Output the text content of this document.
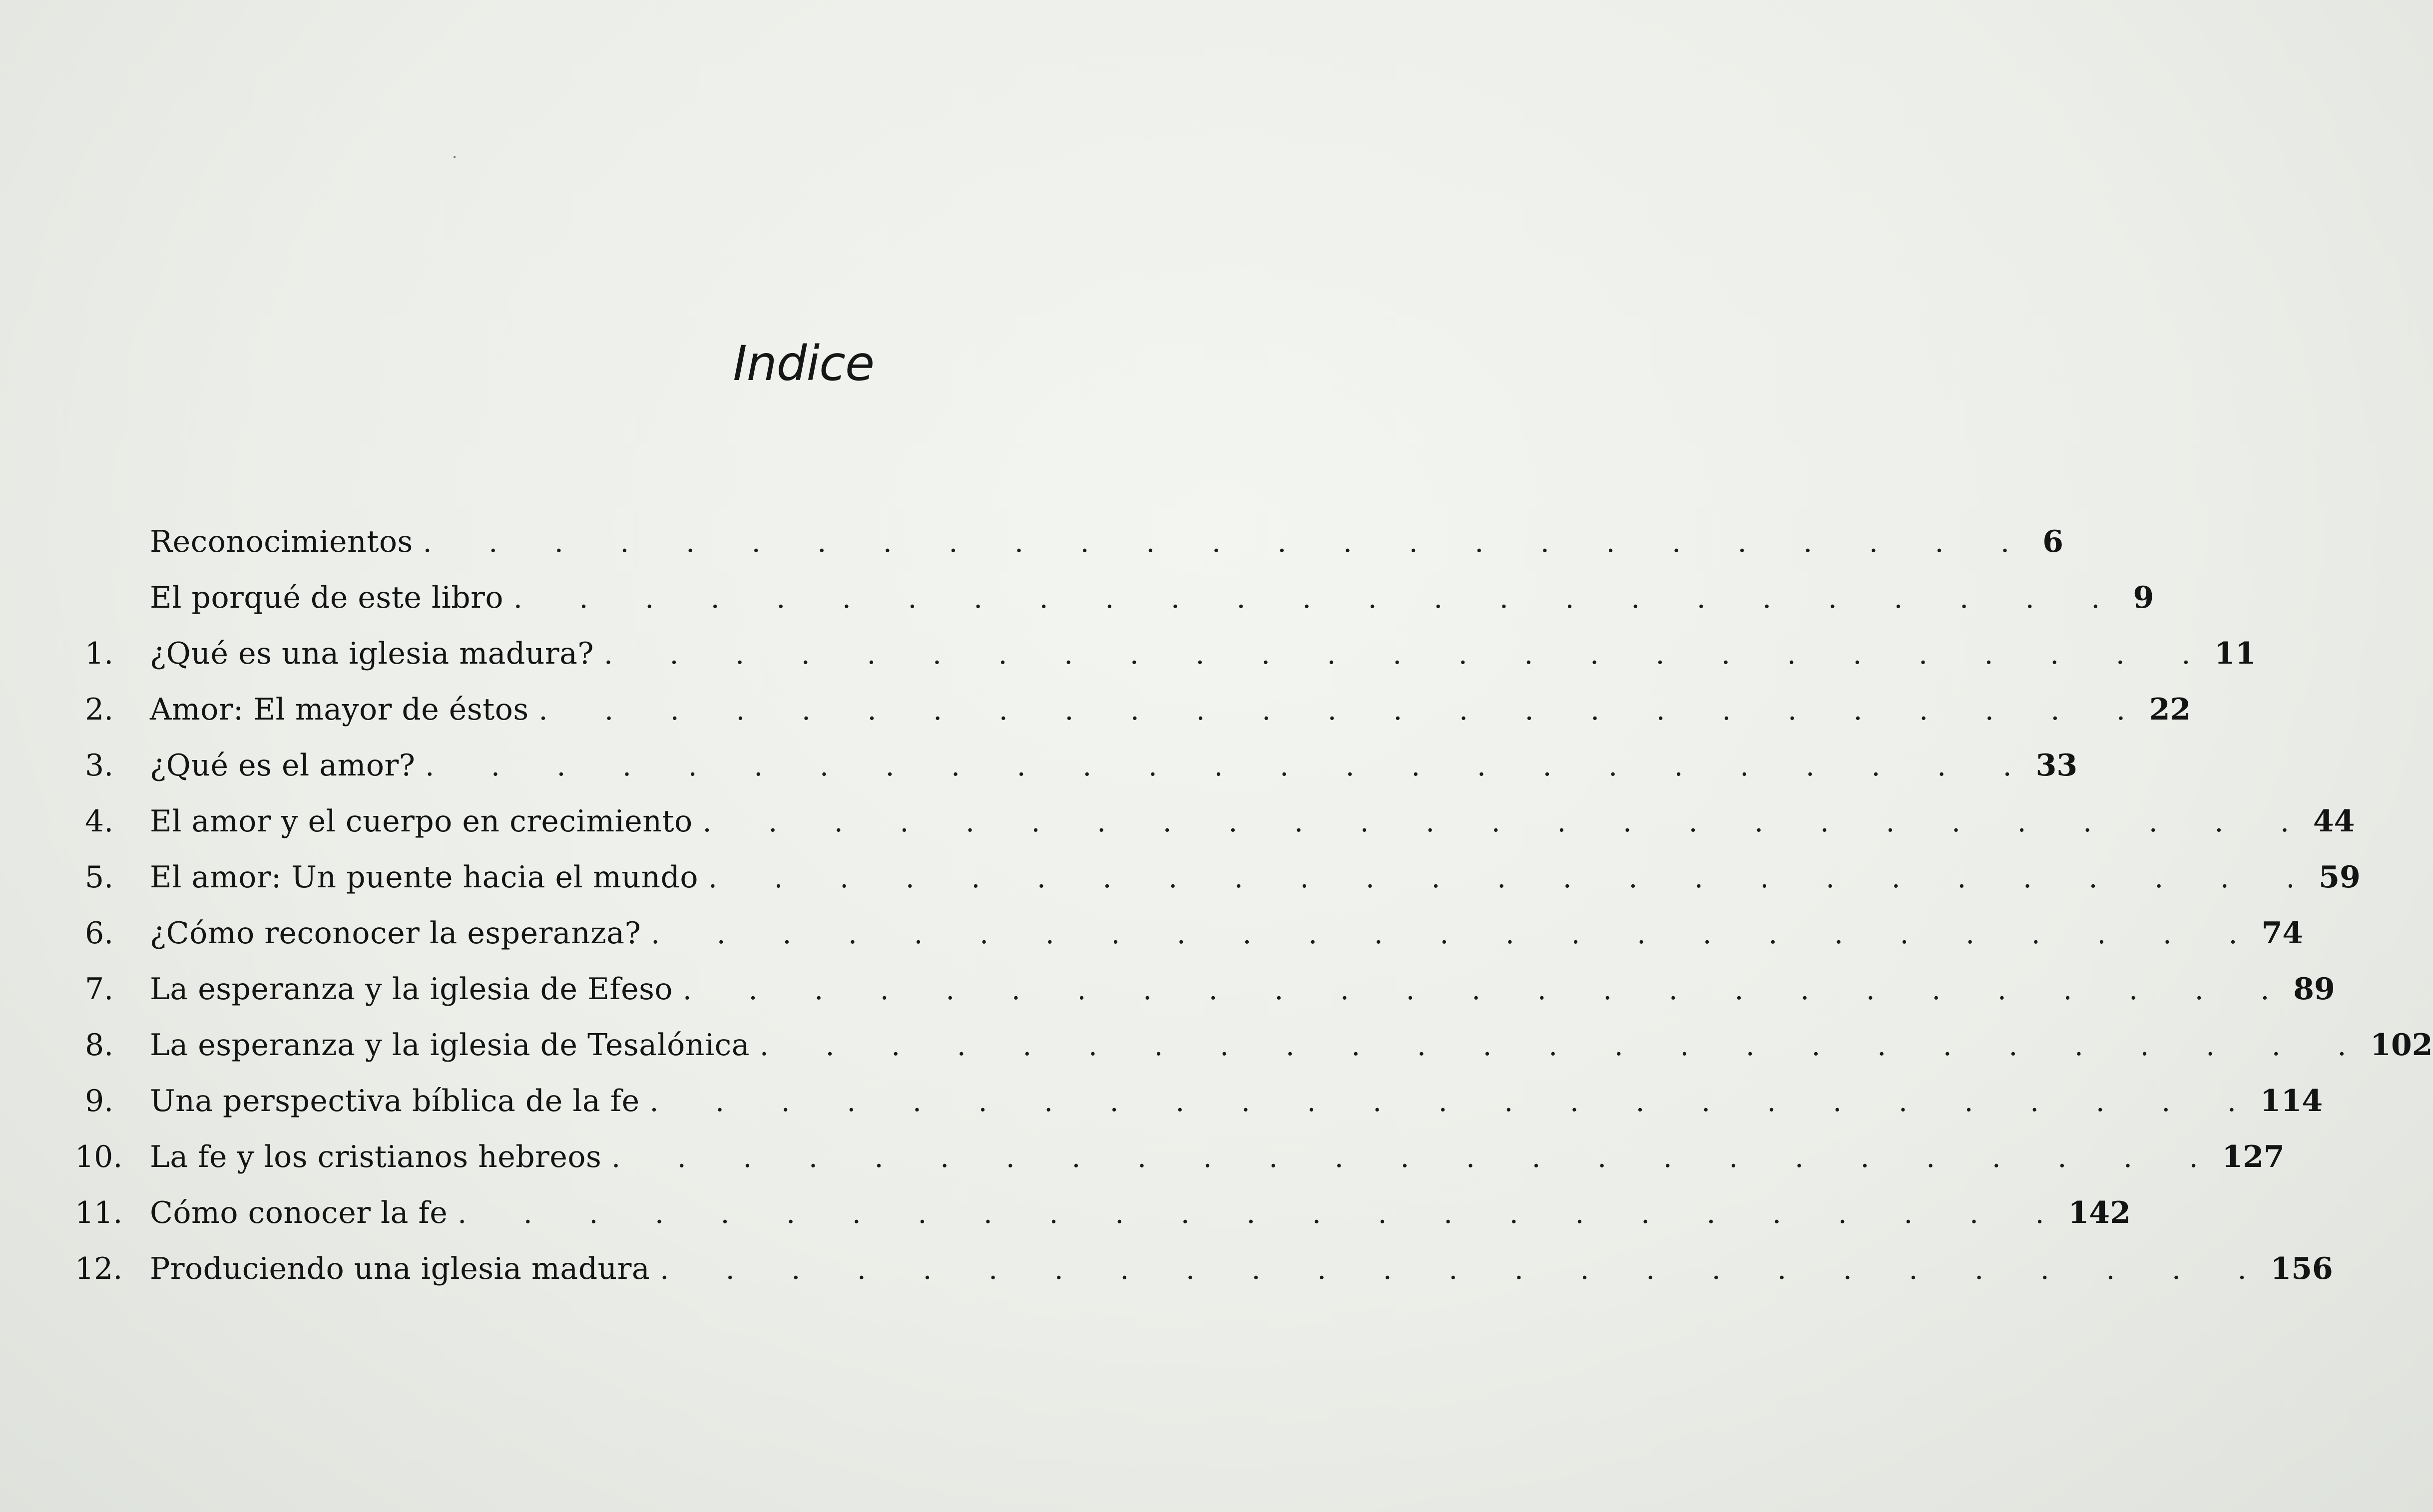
Indice
Reconocimientos . . . . . . . . . . . . . . . . . . . . . . . . . 6
El porqué de este libro . . . . . . . . . . . . . . . . . . . . . . . . . 9
1.	¿Qué es una iglesia madura? . . . . . . . . . . . . . . . . . . . . . . . . . 11
2.	Amor: El mayor de éstos . . . . . . . . . . . . . . . . . . . . . . . . . 22
3.	¿Qué es el amor? . . . . . . . . . . . . . . . . . . . . . . . . . 33
4.	El amor y el cuerpo en crecimiento . . . . . . . . . . . . . . . . . . . . . . . . . 44
5.	El amor: Un puente hacia el mundo . . . . . . . . . . . . . . . . . . . . . . . . . 59
6.	¿Cómo reconocer la esperanza? . . . . . . . . . . . . . . . . . . . . . . . . . 74
7.	La esperanza y la iglesia de Efeso . . . . . . . . . . . . . . . . . . . . . . . . . 89
8.	La esperanza y la iglesia de Tesalónica . . . . . . . . . . . . . . . . . . . . . . . . . 102
9.	Una perspectiva bíblica de la fe . . . . . . . . . . . . . . . . . . . . . . . . . 114
10. La fe y los cristianos hebreos . . . . . . . . . . . . . . . . . . . . . . . . . 127
11. Cómo conocer la fe . . . . . . . . . . . . . . . . . . . . . . . . . 142
12. Produciendo una iglesia madura . . . . . . . . . . . . . . . . . . . . . . . . . 156
